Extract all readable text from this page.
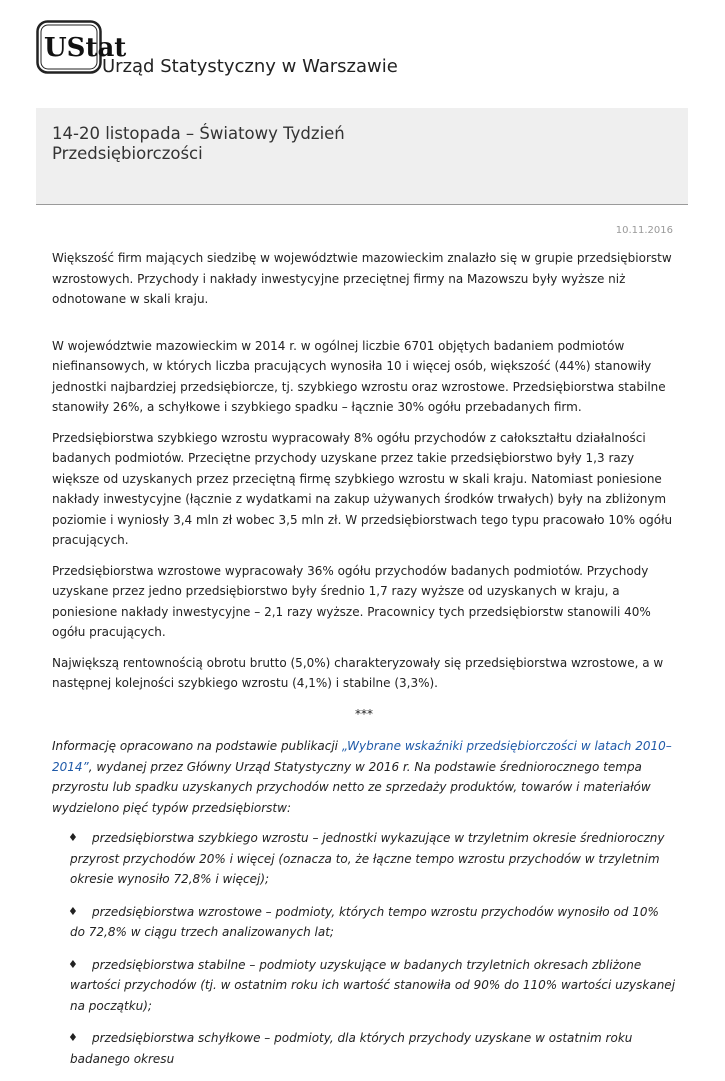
UStat
Urząd Statystyczny w Warszawie
14-20 listopada – Światowy Tydzień Przedsiębiorczości
10.11.2016

Większość firm mających siedzibę w województwie mazowieckim znalazło się w grupie przedsiębiorstw wzrostowych. Przychody i nakłady inwestycyjne przeciętnej firmy na Mazowszu były wyższe niż odnotowane w skali kraju.

W województwie mazowieckim w 2014 r. w ogólnej liczbie 6701 objętych badaniem podmiotów niefinansowych, w których liczba pracujących wynosiła 10 i więcej osób, większość (44%) stanowiły jednostki najbardziej przedsiębiorcze, tj. szybkiego wzrostu oraz wzrostowe. Przedsiębiorstwa stabilne stanowiły 26%, a schyłkowe i szybkiego spadku – łącznie 30% ogółu przebadanych firm.

Przedsiębiorstwa szybkiego wzrostu wypracowały 8% ogółu przychodów z całokształtu działalności badanych podmiotów. Przeciętne przychody uzyskane przez takie przedsiębiorstwo były 1,3 razy większe od uzyskanych przez przeciętną firmę szybkiego wzrostu w skali kraju. Natomiast poniesione nakłady inwestycyjne (łącznie z wydatkami na zakup używanych środków trwałych) były na zbliżonym poziomie i wyniosły 3,4 mln zł wobec 3,5 mln zł. W przedsiębiorstwach tego typu pracowało 10% ogółu pracujących.

Przedsiębiorstwa wzrostowe wypracowały 36% ogółu przychodów badanych podmiotów. Przychody uzyskane przez jedno przedsiębiorstwo były średnio 1,7 razy wyższe od uzyskanych w kraju, a poniesione nakłady inwestycyjne – 2,1 razy wyższe. Pracownicy tych przedsiębiorstw stanowili 40% ogółu pracujących.

Największą rentownością obrotu brutto (5,0%) charakteryzowały się przedsiębiorstwa wzrostowe, a w następnej kolejności szybkiego wzrostu (4,1%) i stabilne (3,3%).

***

Informację opracowano na podstawie publikacji „Wybrane wskaźniki przedsiębiorczości w latach 2010–2014”, wydanej przez Główny Urząd Statystyczny w 2016 r. Na podstawie średniorocznego tempa przyrostu lub spadku uzyskanych przychodów netto ze sprzedaży produktów, towarów i materiałów wydzielono pięć typów przedsiębiorstw:

♦	przedsiębiorstwa szybkiego wzrostu – jednostki wykazujące w trzyletnim okresie średnioroczny przyrost przychodów 20% i więcej (oznacza to, że łączne tempo wzrostu przychodów w trzyletnim okresie wynosiło 72,8% i więcej);
♦	przedsiębiorstwa wzrostowe – podmioty, których tempo wzrostu przychodów wynosiło od 10% do 72,8% w ciągu trzech analizowanych lat;
♦	przedsiębiorstwa stabilne – podmioty uzyskujące w badanych trzyletnich okresach zbliżone wartości przychodów (tj. w ostatnim roku ich wartość stanowiła od 90% do 110% wartości uzyskanej na początku);
♦	przedsiębiorstwa schyłkowe – podmioty, dla których przychody uzyskane w ostatnim roku badanego okresu
